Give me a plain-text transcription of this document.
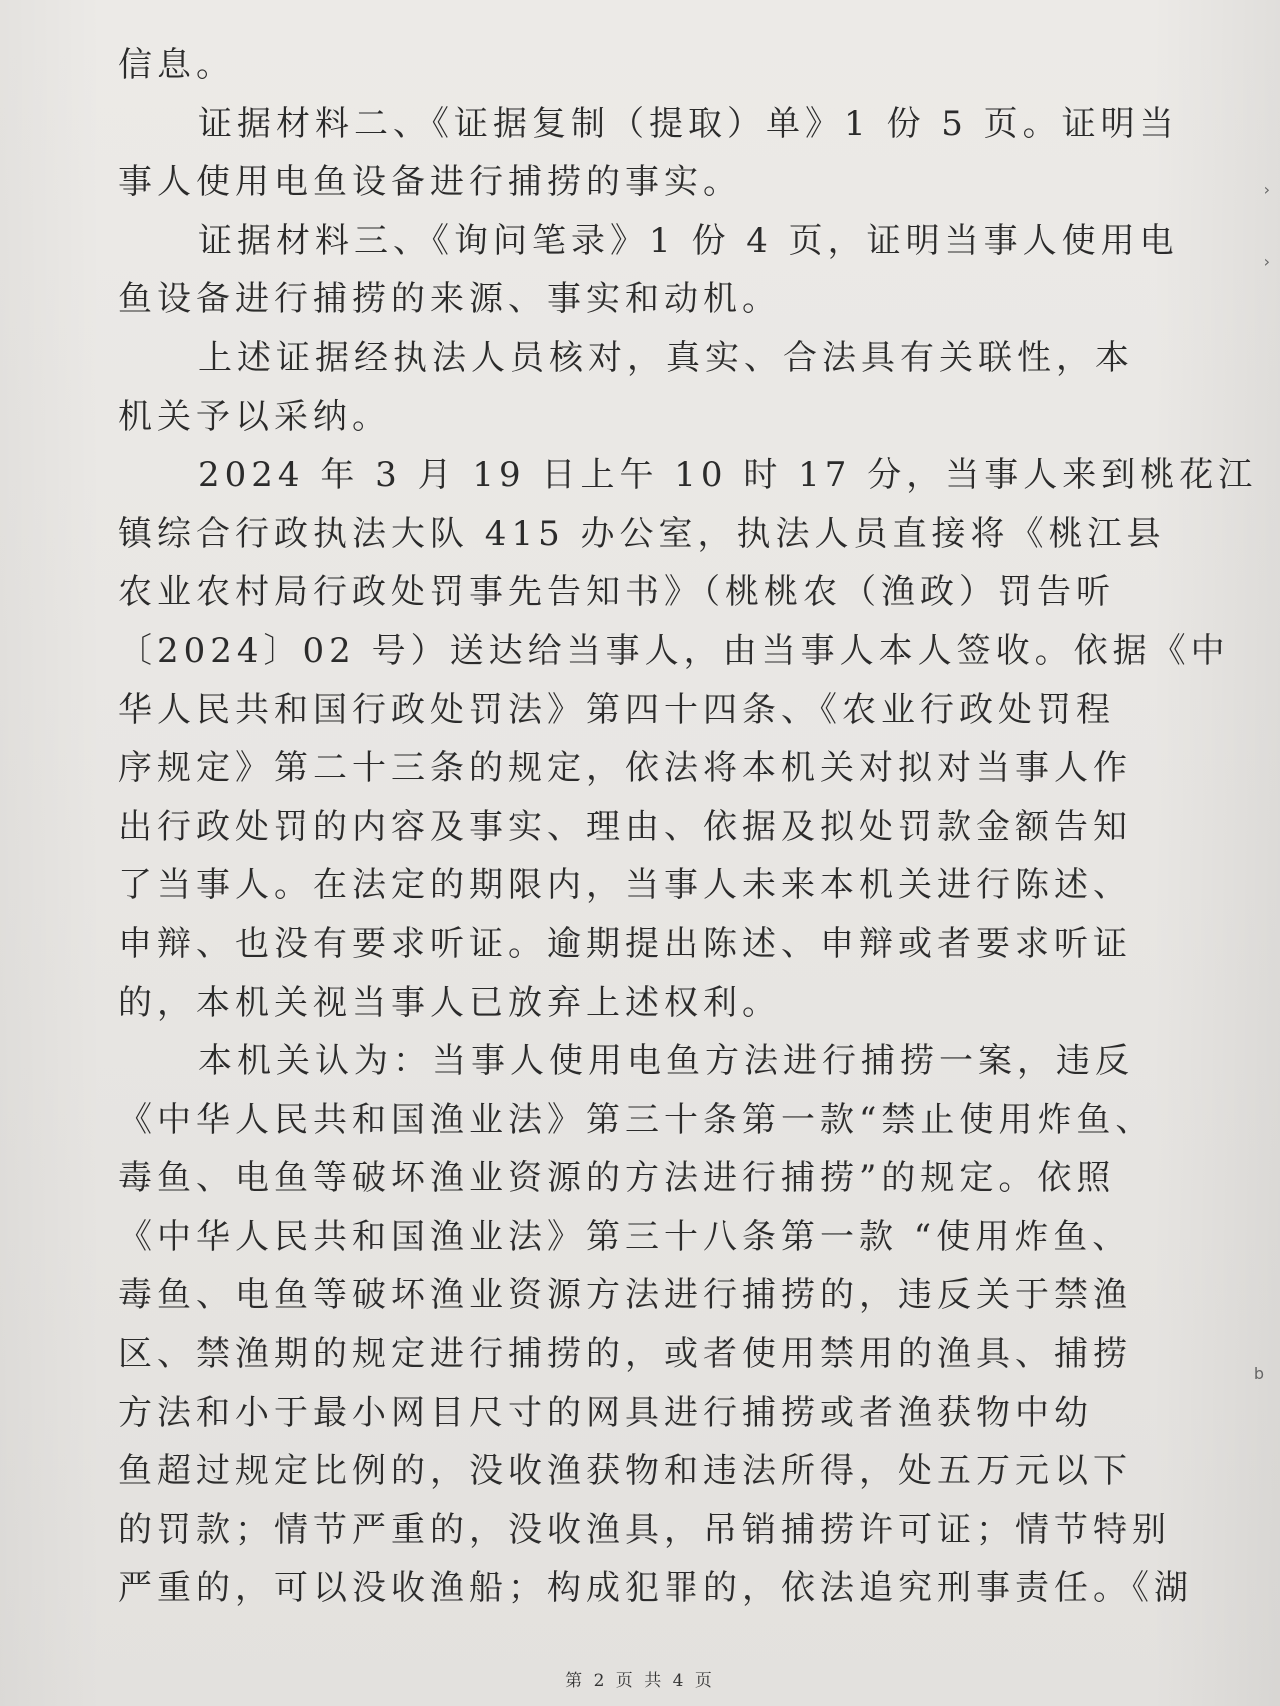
信息。
证据材料二、《证据复制（提取）单》1 份 5 页。证明当
事人使用电鱼设备进行捕捞的事实。
证据材料三、《询问笔录》1 份 4 页，证明当事人使用电
鱼设备进行捕捞的来源、事实和动机。
上述证据经执法人员核对，真实、合法具有关联性，本
机关予以采纳。
2024 年 3 月 19 日上午 10 时 17 分，当事人来到桃花江
镇综合行政执法大队 415 办公室，执法人员直接将《桃江县
农业农村局行政处罚事先告知书》（桃桃农（渔政）罚告听
〔2024〕02 号）送达给当事人，由当事人本人签收。依据《中
华人民共和国行政处罚法》第四十四条、《农业行政处罚程
序规定》第二十三条的规定，依法将本机关对拟对当事人作
出行政处罚的内容及事实、理由、依据及拟处罚款金额告知
了当事人。在法定的期限内，当事人未来本机关进行陈述、
申辩、也没有要求听证。逾期提出陈述、申辩或者要求听证
的，本机关视当事人已放弃上述权利。
本机关认为：当事人使用电鱼方法进行捕捞一案，违反
《中华人民共和国渔业法》第三十条第一款“禁止使用炸鱼、
毒鱼、电鱼等破坏渔业资源的方法进行捕捞”的规定。依照
《中华人民共和国渔业法》第三十八条第一款 “使用炸鱼、
毒鱼、电鱼等破坏渔业资源方法进行捕捞的，违反关于禁渔
区、禁渔期的规定进行捕捞的，或者使用禁用的渔具、捕捞
方法和小于最小网目尺寸的网具进行捕捞或者渔获物中幼
鱼超过规定比例的，没收渔获物和违法所得，处五万元以下
的罚款；情节严重的，没收渔具，吊销捕捞许可证；情节特别
严重的，可以没收渔船；构成犯罪的，依法追究刑事责任。《湖
›
›
b
第 2 页 共 4 页
